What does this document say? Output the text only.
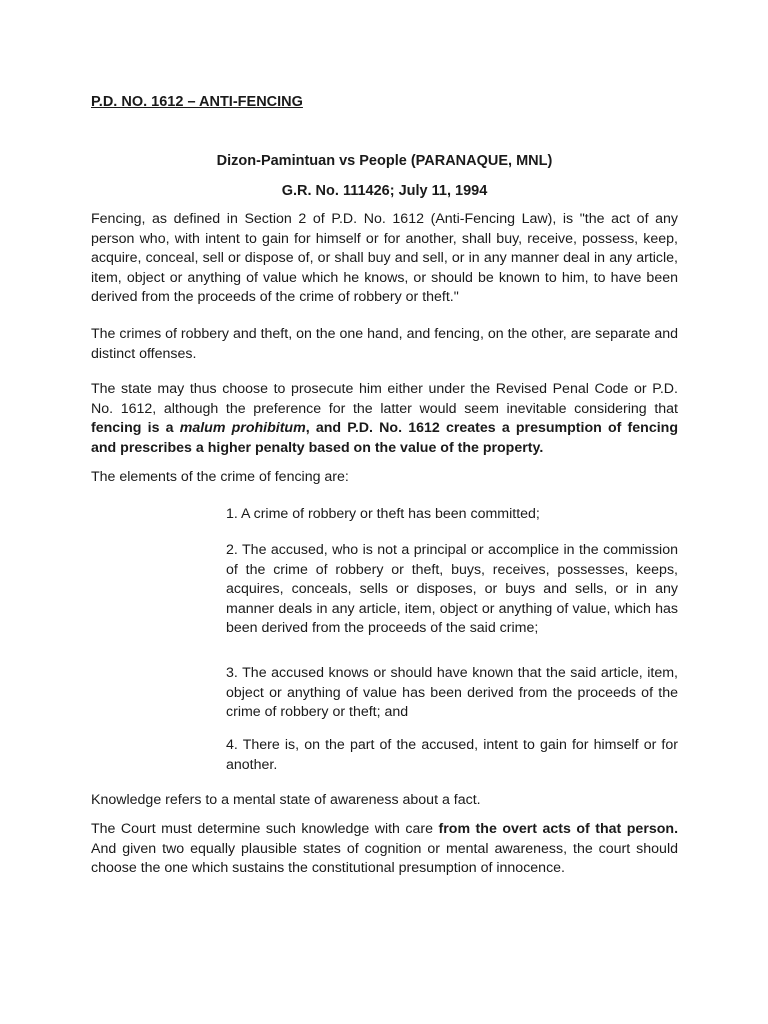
P.D. NO. 1612 – ANTI-FENCING

Dizon-Pamintuan vs People (PARANAQUE, MNL)

G.R. No. 111426; July 11, 1994

Fencing, as defined in Section 2 of P.D. No. 1612 (Anti-Fencing Law), is "the act of any person who, with intent to gain for himself or for another, shall buy, receive, possess, keep, acquire, conceal, sell or dispose of, or shall buy and sell, or in any manner deal in any article, item, object or anything of value which he knows, or should be known to him, to have been derived from the proceeds of the crime of robbery or theft."

The crimes of robbery and theft, on the one hand, and fencing, on the other, are separate and distinct offenses.

The state may thus choose to prosecute him either under the Revised Penal Code or P.D. No. 1612, although the preference for the latter would seem inevitable considering that fencing is a malum prohibitum, and P.D. No. 1612 creates a presumption of fencing and prescribes a higher penalty based on the value of the property.

The elements of the crime of fencing are:

1. A crime of robbery or theft has been committed;

2. The accused, who is not a principal or accomplice in the commission of the crime of robbery or theft, buys, receives, possesses, keeps, acquires, conceals, sells or disposes, or buys and sells, or in any manner deals in any article, item, object or anything of value, which has been derived from the proceeds of the said crime;

3. The accused knows or should have known that the said article, item, object or anything of value has been derived from the proceeds of the crime of robbery or theft; and

4. There is, on the part of the accused, intent to gain for himself or for another.

Knowledge refers to a mental state of awareness about a fact.

The Court must determine such knowledge with care from the overt acts of that person. And given two equally plausible states of cognition or mental awareness, the court should choose the one which sustains the constitutional presumption of innocence.
